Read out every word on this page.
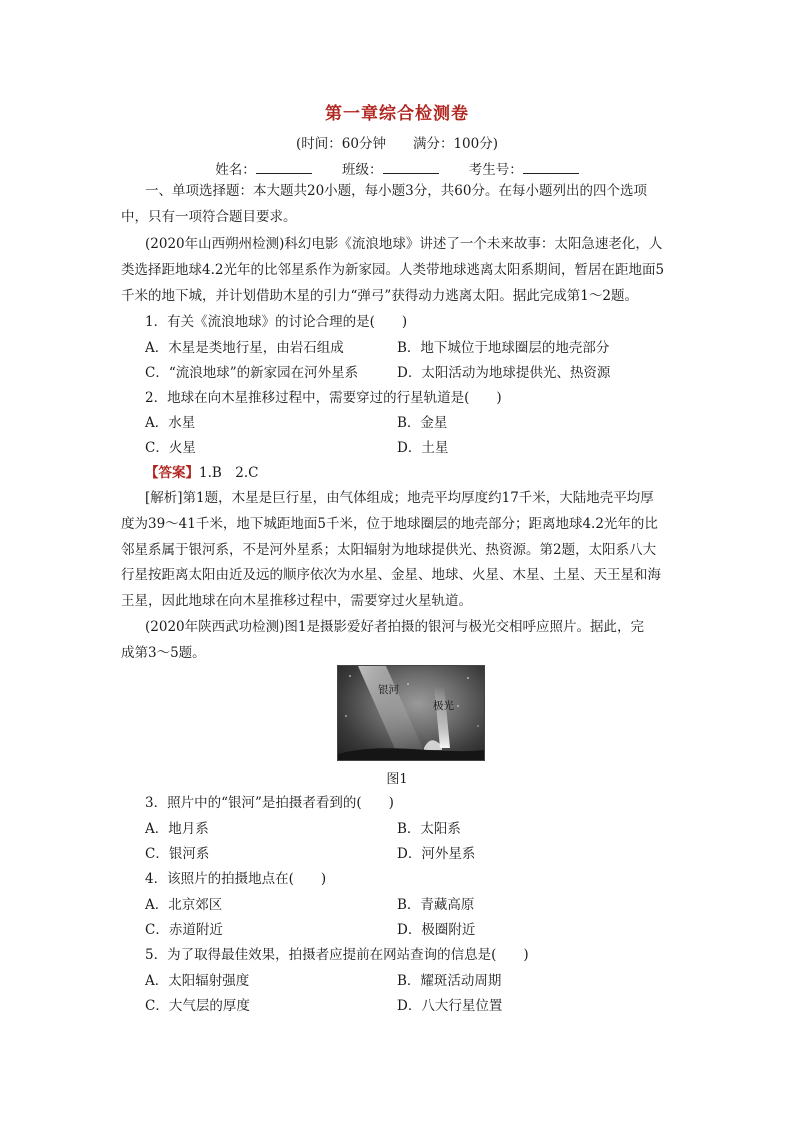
第一章综合检测卷
(时间：60分钟　　满分：100分)
姓名：	班级：	考生号：
一、单项选择题：本大题共20小题，每小题3分，共60分。在每小题列出的四个选项
中，只有一项符合题目要求。
(2020年山西朔州检测)科幻电影《流浪地球》讲述了一个未来故事：太阳急速老化，人
类选择距地球4.2光年的比邻星系作为新家园。人类带地球逃离太阳系期间，暂居在距地面5
千米的地下城，并计划借助木星的引力“弹弓”获得动力逃离太阳。据此完成第1～2题。
1．有关《流浪地球》的讨论合理的是(　　)
A．木星是类地行星，由岩石组成	B．地下城位于地球圈层的地壳部分
C．“流浪地球”的新家园在河外星系	D．太阳活动为地球提供光、热资源
2．地球在向木星推移过程中，需要穿过的行星轨道是(　　)
A．水星	B．金星
C．火星	D．土星
【答案】1.B　2.C
[解析]第1题，木星是巨行星，由气体组成；地壳平均厚度约17千米，大陆地壳平均厚
度为39～41千米，地下城距地面5千米，位于地球圈层的地壳部分；距离地球4.2光年的比
邻星系属于银河系，不是河外星系；太阳辐射为地球提供光、热资源。第2题，太阳系八大
行星按距离太阳由近及远的顺序依次为水星、金星、地球、火星、木星、土星、天王星和海
王星，因此地球在向木星推移过程中，需要穿过火星轨道。
(2020年陕西武功检测)图1是摄影爱好者拍摄的银河与极光交相呼应照片。据此，完
成第3～5题。
银河
极光
图1
3．照片中的“银河”是拍摄者看到的(　　)
A．地月系	B．太阳系
C．银河系	D．河外星系
4．该照片的拍摄地点在(　　)
A．北京郊区	B．青藏高原
C．赤道附近	D．极圈附近
5．为了取得最佳效果，拍摄者应提前在网站查询的信息是(　　)
A．太阳辐射强度	B．耀斑活动周期
C．大气层的厚度	D．八大行星位置
